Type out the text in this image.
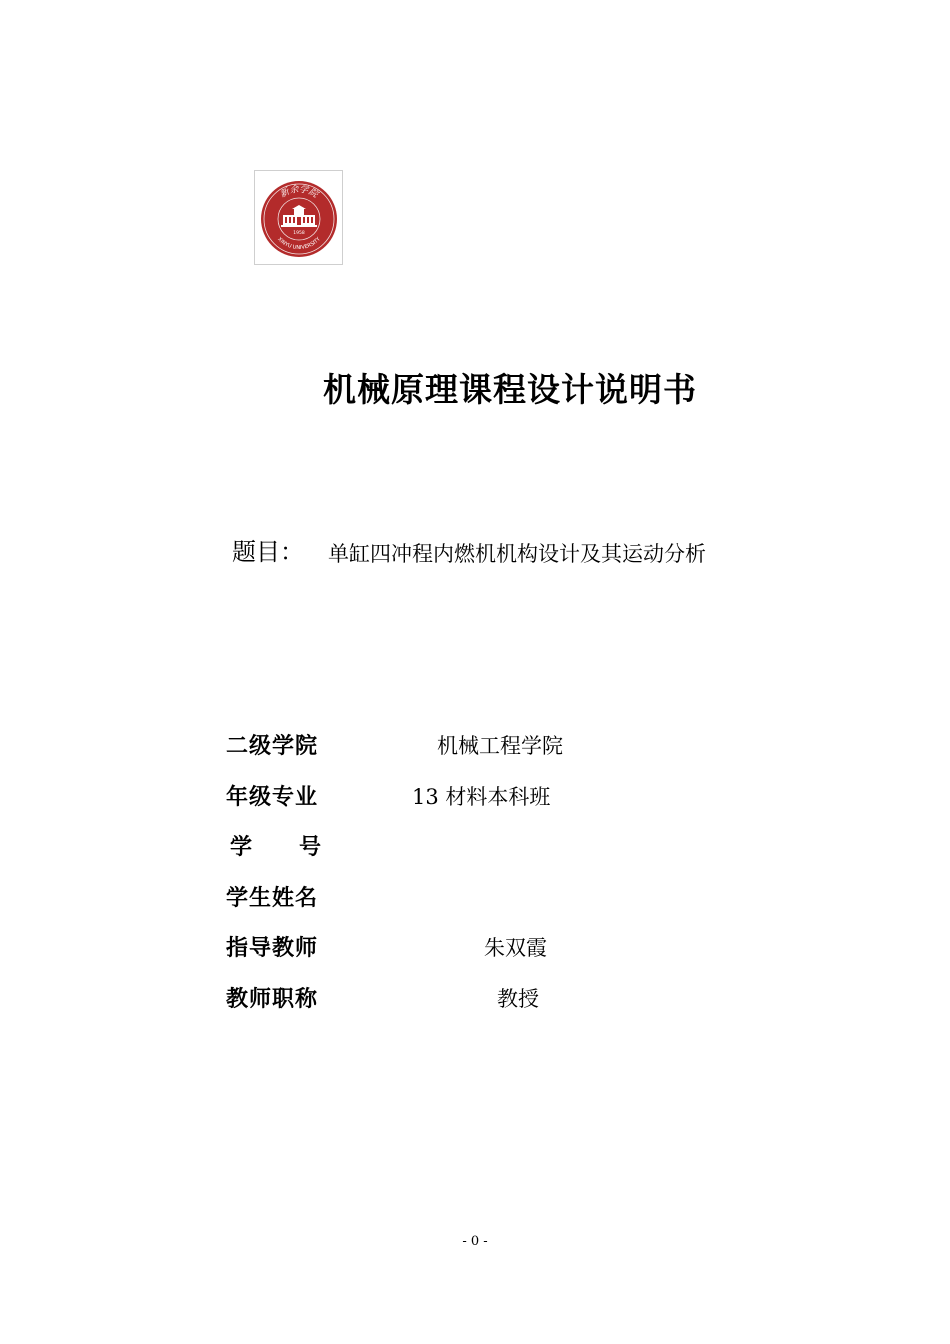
新余学院
XINYU UNIVERSITY
1958
机械原理课程设计说明书
题目： 单缸四冲程内燃机机构设计及其运动分析
二级学院	机械工程学院
年级专业	13 材料本科班
学　　号
学生姓名
指导教师	朱双霞
教师职称	教授
- 0 -
